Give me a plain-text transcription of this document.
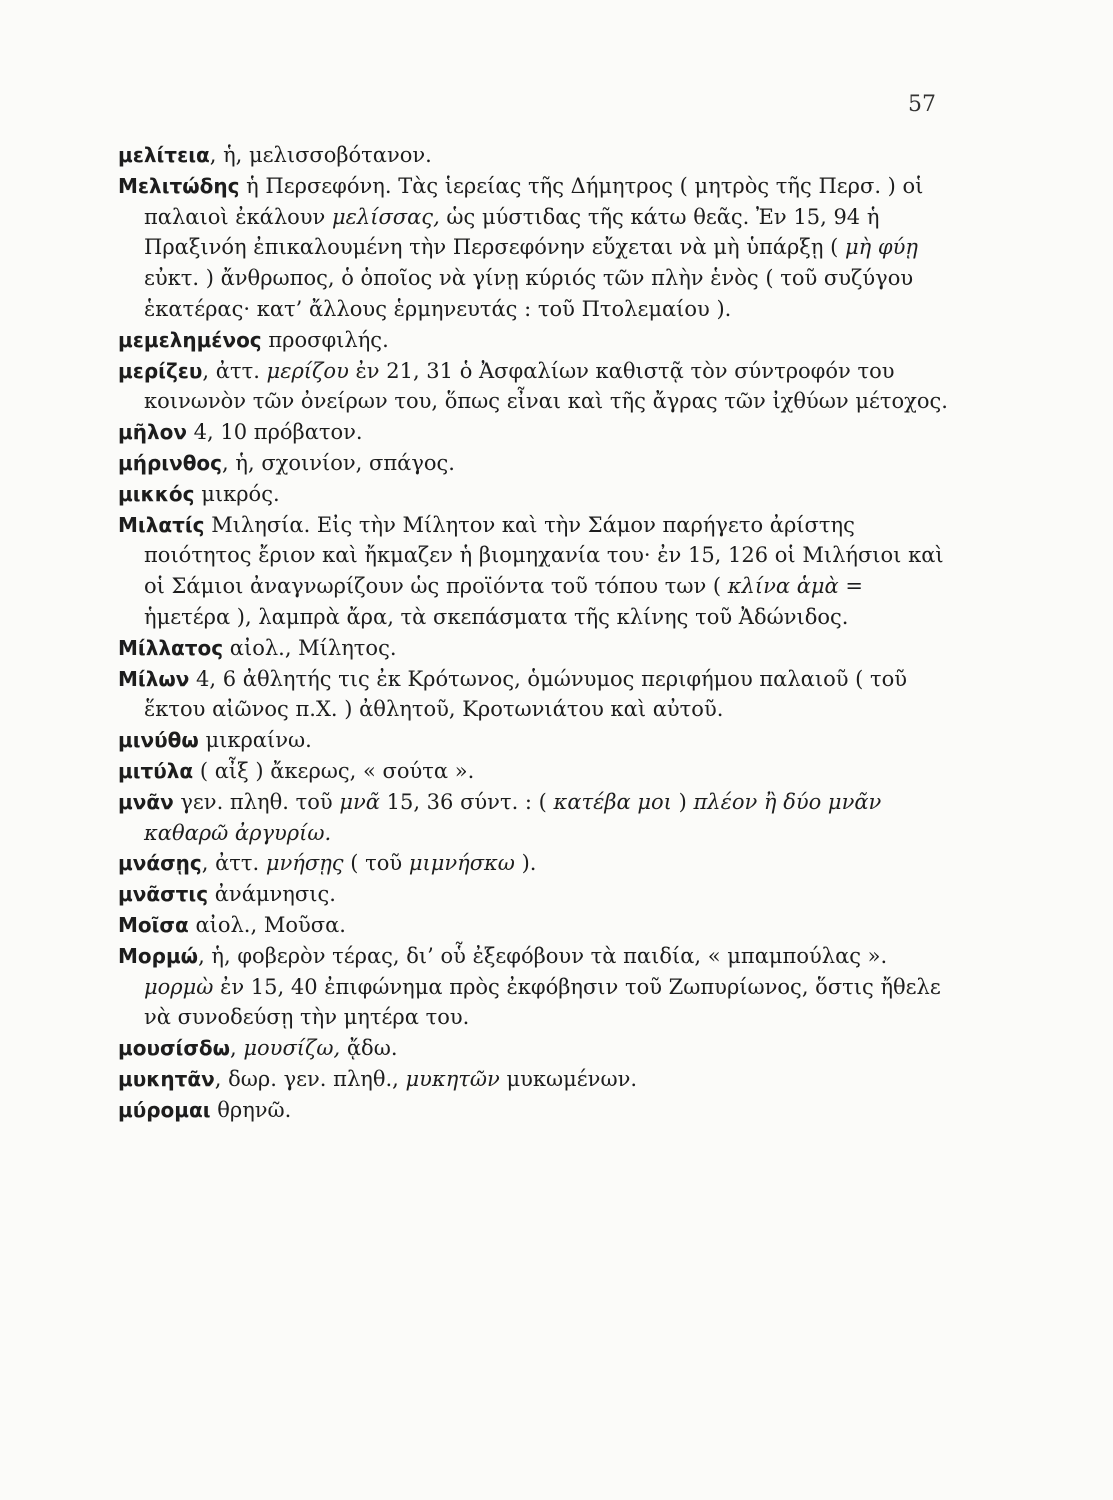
57

μελίτεια, ἡ, μελισσοβότανον.

Μελιτώδης ἡ Περσεφόνη. Τὰς ἱερείας τῆς Δήμητρος ( μητρὸς τῆς Περσ. ) οἱ παλαιοὶ ἐκάλουν μελίσσας, ὡς μύστιδας τῆς κάτω θεᾶς. Ἐν 15, 94 ἡ Πραξινόη ἐπικαλουμένη τὴν Περσεφόνην εὔχεται νὰ μὴ ὑπάρξῃ ( μὴ φύῃ εὐκτ. ) ἄνθρωπος, ὁ ὁποῖος νὰ γίνῃ κύριός τῶν πλὴν ἑνὸς ( τοῦ συζύγου ἑκατέρας· κατ’ ἄλλους ἑρμηνευτάς : τοῦ Πτολεμαίου ).

μεμελημένος προσφιλής.

μερίζευ, ἀττ. μερίζου ἐν 21, 31 ὁ Ἀσφαλίων καθιστᾷ τὸν σύντροφόν του κοινωνὸν τῶν ὀνείρων του, ὅπως εἶναι καὶ τῆς ἄγρας τῶν ἰχθύων μέτοχος.

μῆλον 4, 10 πρόβατον.

μήρινθος, ἡ, σχοινίον, σπάγος.

μικκός μικρός.

Μιλατίς Μιλησία. Εἰς τὴν Μίλητον καὶ τὴν Σάμον παρήγετο ἀρίστης ποιότητος ἔριον καὶ ἤκμαζεν ἡ βιομηχανία του· ἐν 15, 126 οἱ Μιλήσιοι καὶ οἱ Σάμιοι ἀναγνωρίζουν ὡς προϊόντα τοῦ τόπου των ( κλίνα ἁμὰ = ἡμετέρα ), λαμπρὰ ἄρα, τὰ σκεπάσματα τῆς κλίνης τοῦ Ἀδώνιδος.

Μίλλατος αἰολ., Μίλητος.

Μίλων 4, 6 ἀθλητής τις ἐκ Κρότωνος, ὁμώνυμος περιφήμου παλαιοῦ ( τοῦ ἕκτου αἰῶνος π.Χ. ) ἀθλητοῦ, Κροτωνιάτου καὶ αὐτοῦ.

μινύθω μικραίνω.

μιτύλα ( αἶξ ) ἄκερως, « σούτα ».

μνᾶν γεν. πληθ. τοῦ μνᾶ 15, 36 σύντ. : ( κατέβα μοι ) πλέον ἢ δύο μνᾶν καθαρῶ ἀργυρίω.

μνάσῃς, ἀττ. μνήσῃς ( τοῦ μιμνήσκω ).

μνᾶστις ἀνάμνησις.

Μοῖσα αἰολ., Μοῦσα.

Μορμώ, ἡ, φοβερὸν τέρας, δι’ οὗ ἐξεφόβουν τὰ παιδία, « μπαμπούλας ». μορμὼ ἐν 15, 40 ἐπιφώνημα πρὸς ἐκφόβησιν τοῦ Ζωπυρίωνος, ὅστις ἤθελε νὰ συνοδεύσῃ τὴν μητέρα του.

μουσίσδω, μουσίζω, ᾄδω.

μυκητᾶν, δωρ. γεν. πληθ., μυκητῶν μυκωμένων.

μύρομαι θρηνῶ.
